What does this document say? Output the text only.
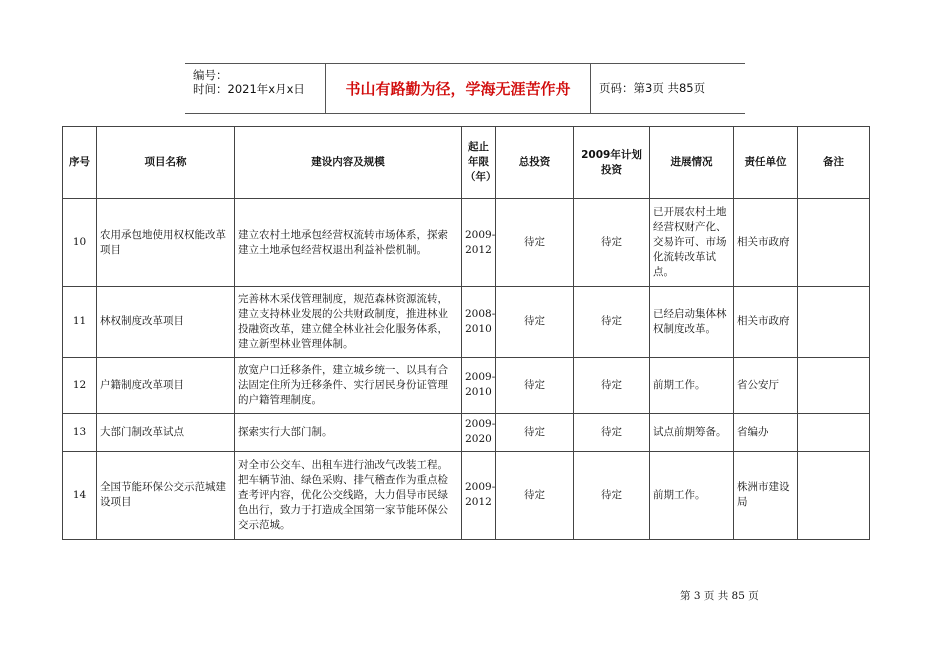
编号：
时间：2021年x月x日	书山有路勤为径，学海无涯苦作舟	页码：第3页 共85页
序号	项目名称	建设内容及规模	起止年限（年）	总投资	2009年计划投资	进展情况	责任单位	备注
10	农用承包地使用权权能改革项目	建立农村土地承包经营权流转市场体系，探索建立土地承包经营权退出利益补偿机制。	2009-2012	待定	待定	已开展农村土地经营权财产化、交易许可、市场化流转改革试点。	相关市政府	
11	林权制度改革项目	完善林木采伐管理制度，规范森林资源流转，建立支持林业发展的公共财政制度，推进林业投融资改革，建立健全林业社会化服务体系，建立新型林业管理体制。	2008-2010	待定	待定	已经启动集体林权制度改革。	相关市政府	
12	户籍制度改革项目	放宽户口迁移条件，建立城乡统一、以具有合法固定住所为迁移条件、实行居民身份证管理的户籍管理制度。	2009-2010	待定	待定	前期工作。	省公安厅	
13	大部门制改革试点	探索实行大部门制。	2009-2020	待定	待定	试点前期筹备。	省编办	
14	全国节能环保公交示范城建设项目	对全市公交车、出租车进行油改气改装工程。把车辆节油、绿色采购、排气稽查作为重点检查考评内容，优化公交线路，大力倡导市民绿色出行，致力于打造成全国第一家节能环保公交示范城。	2009-2012	待定	待定	前期工作。	株洲市建设局	
第 3 页 共 85 页
